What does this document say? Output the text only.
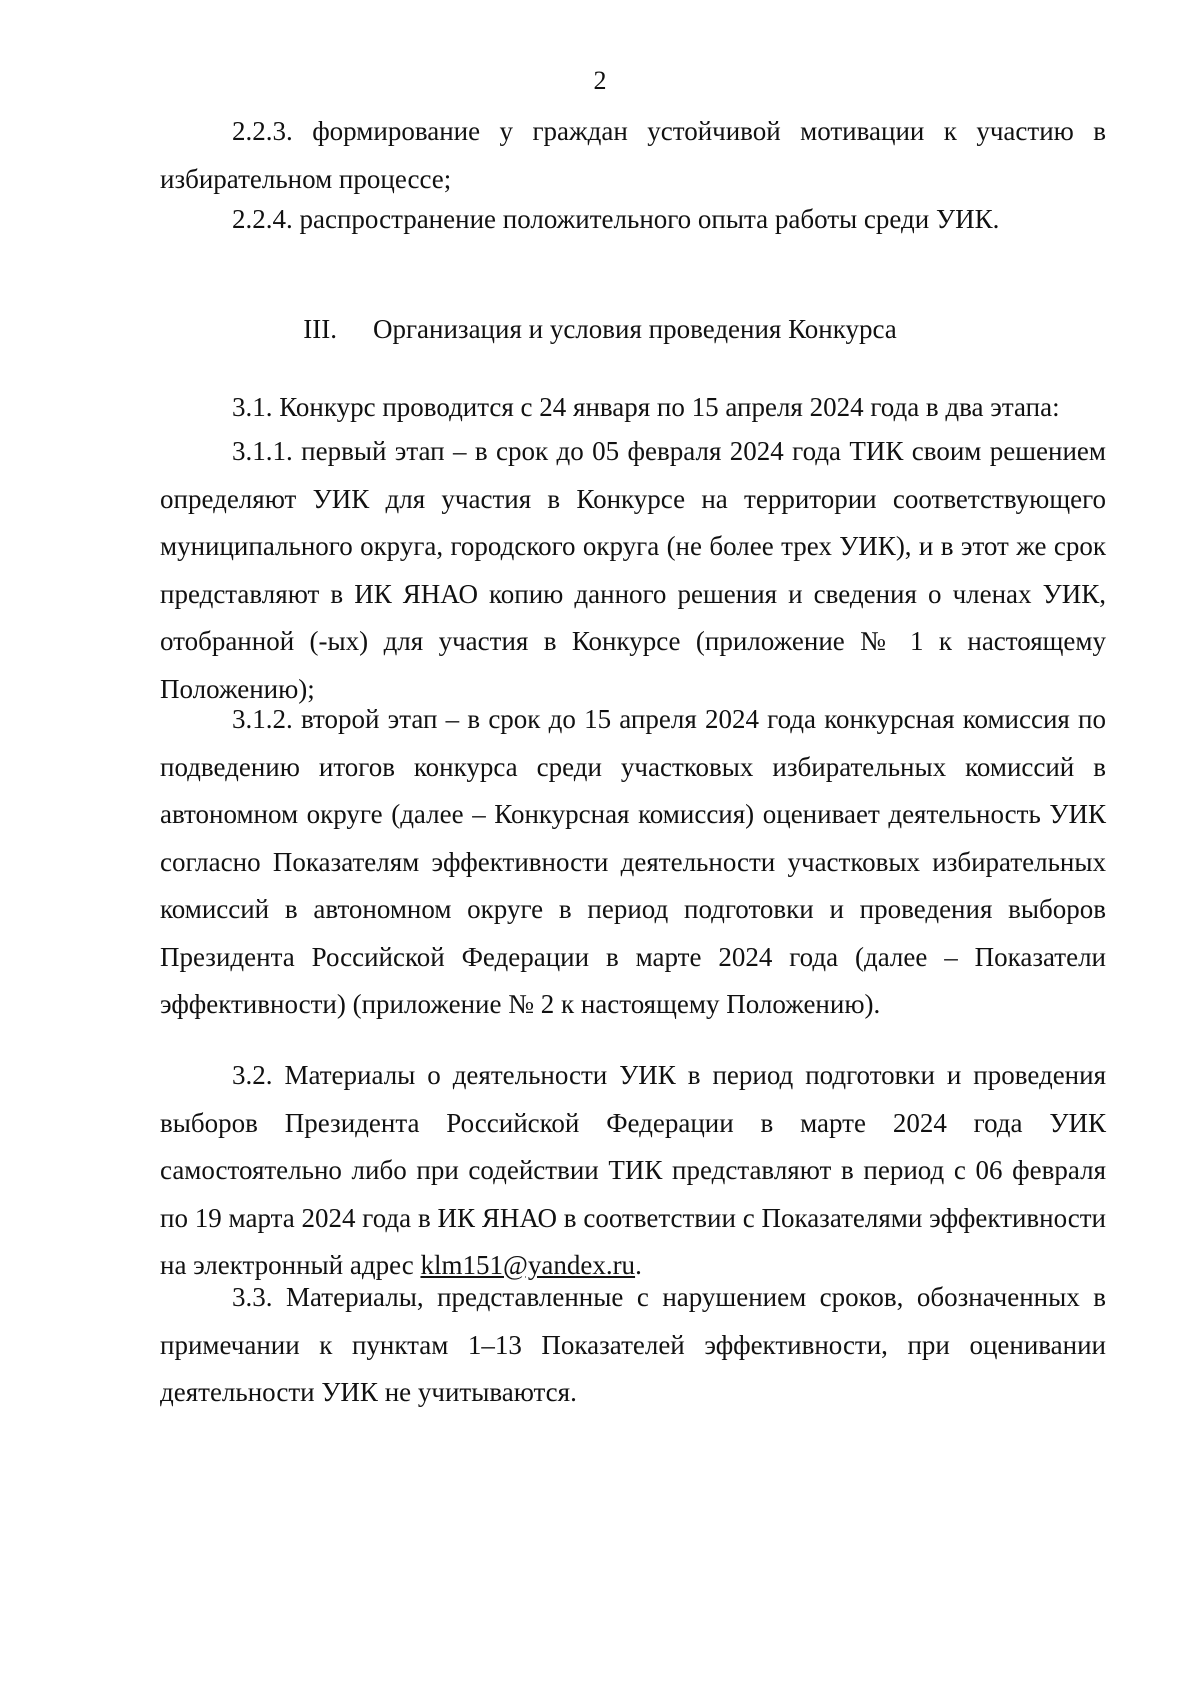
2

2.2.3. формирование у граждан устойчивой мотивации к участию в избирательном процессе;

2.2.4. распространение положительного опыта работы среди УИК.

III. Организация и условия проведения Конкурса

3.1. Конкурс проводится с 24 января по 15 апреля 2024 года в два этапа:

3.1.1. первый этап – в срок до 05 февраля 2024 года ТИК своим решением определяют УИК для участия в Конкурсе на территории соответствующего муниципального округа, городского округа (не более трех УИК), и в этот же срок представляют в ИК ЯНАО копию данного решения и сведения о членах УИК, отобранной (-ых) для участия в Конкурсе (приложение № 1 к настоящему Положению);

3.1.2. второй этап – в срок до 15 апреля 2024 года конкурсная комиссия по подведению итогов конкурса среди участковых избирательных комиссий в автономном округе (далее – Конкурсная комиссия) оценивает деятельность УИК согласно Показателям эффективности деятельности участковых избирательных комиссий в автономном округе в период подготовки и проведения выборов Президента Российской Федерации в марте 2024 года (далее – Показатели эффективности) (приложение № 2 к настоящему Положению).

3.2. Материалы о деятельности УИК в период подготовки и проведения выборов Президента Российской Федерации в марте 2024 года УИК самостоятельно либо при содействии ТИК представляют в период с 06 февраля по 19 марта 2024 года в ИК ЯНАО в соответствии с Показателями эффективности на электронный адрес klm151@yandex.ru.

3.3. Материалы, представленные с нарушением сроков, обозначенных в примечании к пунктам 1–13 Показателей эффективности, при оценивании деятельности УИК не учитываются.
